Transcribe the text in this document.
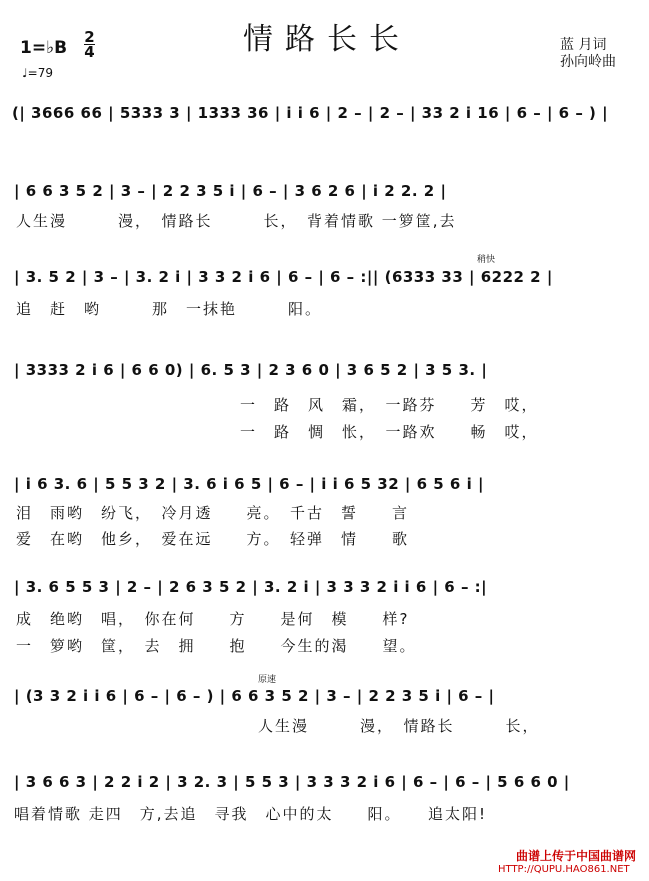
情路长长	蓝 月词
孙向岭曲
1=♭B $\frac{2}{4}$
♩=79
(| 3666 66 | 5333 3 | 1333 36 | i i 6 | 2 – | 2 – | 33 2 i 16 | 6 – | 6 – ) |
| 6 6 3 5 2 | 3 – | 2 2 3 5 i | 6 – | 3 6 2 6 | i 2 2. 2 |
人生漫　　　漫，　情路长　　　长，　背着情歌 一箩筐,去
稍快
| 3. 5 2 | 3 – | 3. 2 i | 3 3 2 i 6 | 6 – | 6 – :|| (6333 33 | 6222 2 |
追　赶　哟　　　那　一抹艳　　　阳。
| 3333 2 i 6 | 6 6 0) | 6. 5 3 | 2 3 6 0 | 3 6 5 2 | 3 5 3. |
一　路　风　霜，　一路芬　　芳　哎，
一　路　惆　怅，　一路欢　　畅　哎，
| i 6 3. 6 | 5 5 3 2 | 3. 6 i 6 5 | 6 – | i i 6 5 32 | 6 5 6 i |
泪　雨哟　纷飞，　冷月透　　亮。　千古　誓　　言
爱　在哟　他乡，　爱在远　　方。　轻弹　情　　歌
| 3. 6 5 5 3 | 2 – | 2 6 3 5 2 | 3. 2 i | 3 3 3 2 i i 6 | 6 – :|
成　绝哟　唱，　你在何　　方　　是何　模　　样?
一　箩哟　筐，　去　拥　　抱　　今生的渴　　望。
原速
| (3 3 2 i i 6 | 6 – | 6 – ) | 6 6 3 5 2 | 3 – | 2 2 3 5 i | 6 – |
人生漫　　　漫，　情路长　　　长，
| 3 6 6 3 | 2 2 i 2 | 3 2. 3 | 5 5 3 | 3 3 3 2 i 6 | 6 – | 6 – | 5 6 6 0 |
唱着情歌 走四　方,去追　寻我　心中的太　　阳。　　追太阳!
曲谱上传于中国曲谱网
HTTP://QUPU.HAO861.NET
